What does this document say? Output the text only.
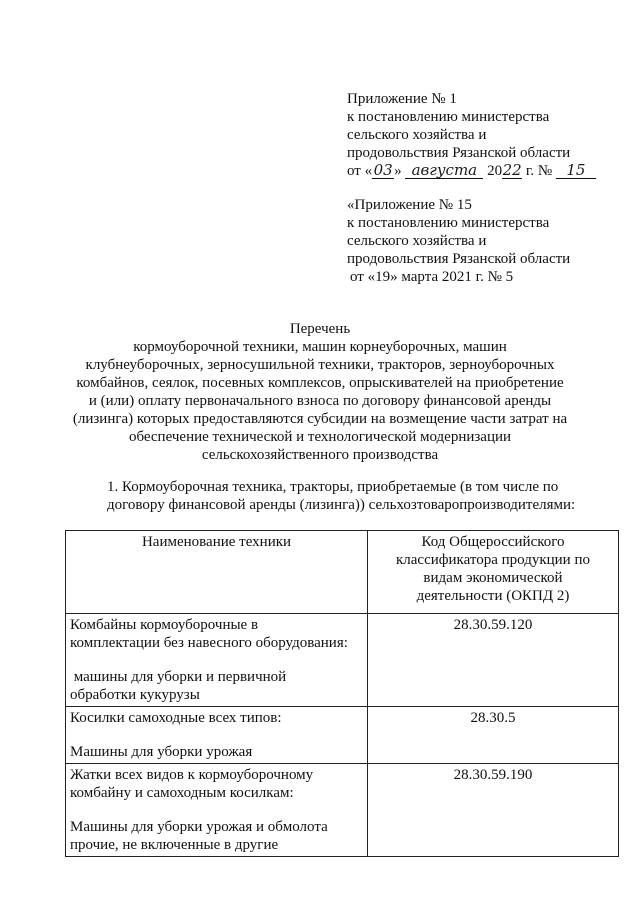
Приложение № 1
к постановлению министерства
сельского хозяйства и
продовольствия Рязанской области
от «03» августа 2022 г. № 15
«Приложение № 15
к постановлению министерства
сельского хозяйства и
продовольствия Рязанской области
от «19» марта 2021 г. № 5
Перечень
кормоуборочной техники, машин корнеуборочных, машин
клубнеуборочных, зерносушильной техники, тракторов, зерноуборочных
комбайнов, сеялок, посевных комплексов, опрыскивателей на приобретение
и (или) оплату первоначального взноса по договору финансовой аренды
(лизинга) которых предоставляются субсидии на возмещение части затрат на
обеспечение технической и технологической модернизации
сельскохозяйственного производства
1. Кормоуборочная техника, тракторы, приобретаемые (в том числе по
договору финансовой аренды (лизинга)) сельхозтоваропроизводителями:
Наименование техники	Код Общероссийского
классификатора продукции по
видам экономической
деятельности (ОКПД 2)

Комбайны кормоуборочные в
комплектации без навесного оборудования:
машины для уборки и первичной
обработки кукурузы	28.30.59.120

Косилки самоходные всех типов:
Машины для уборки урожая	28.30.5

Жатки всех видов к кормоуборочному
комбайну и самоходным косилкам:
Машины для уборки урожая и обмолота
прочие, не включенные в другие	28.30.59.190
